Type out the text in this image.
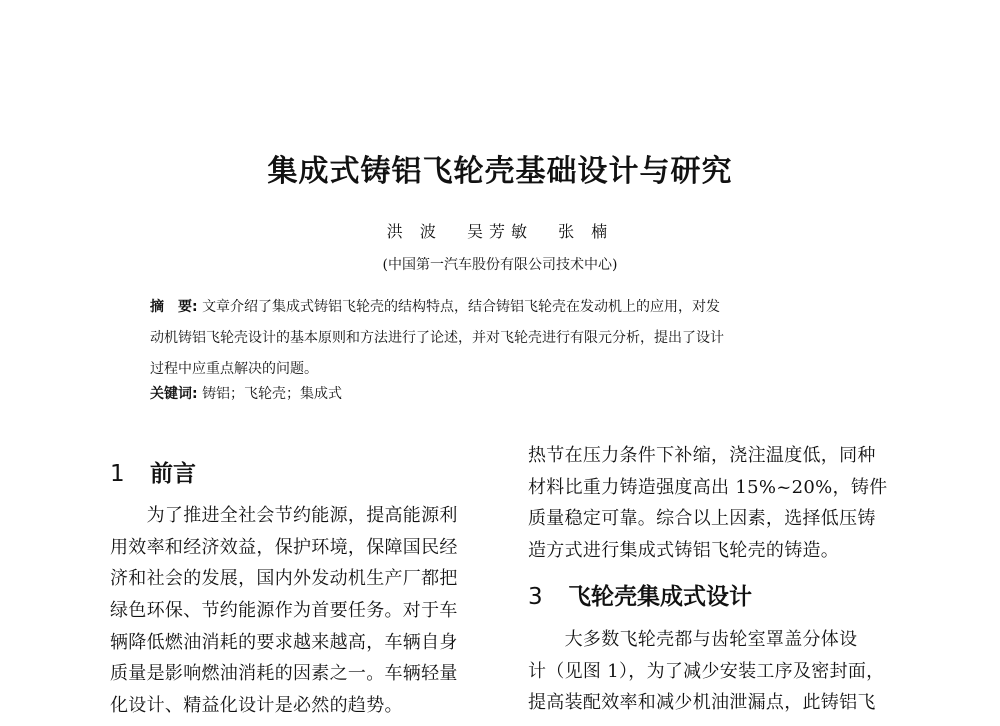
集成式铸铝飞轮壳基础设计与研究
洪 波 吴芳敏 张 楠
(中国第一汽车股份有限公司技术中心)
摘　要: 文章介绍了集成式铸铝飞轮壳的结构特点，结合铸铝飞轮壳在发动机上的应用，对发
动机铸铝飞轮壳设计的基本原则和方法进行了论述，并对飞轮壳进行有限元分析，提出了设计
过程中应重点解决的问题。
关键词: 铸铝；飞轮壳；集成式
1 前言
　　为了推进全社会节约能源，提高能源利
用效率和经济效益，保护环境，保障国民经
济和社会的发展，国内外发动机生产厂都把
绿色环保、节约能源作为首要任务。对于车
辆降低燃油消耗的要求越来越高，车辆自身
质量是影响燃油消耗的因素之一。车辆轻量
化设计、精益化设计是必然的趋势。
热节在压力条件下补缩，浇注温度低，同种
材料比重力铸造强度高出 15%~20%，铸件
质量稳定可靠。综合以上因素，选择低压铸
造方式进行集成式铸铝飞轮壳的铸造。
3 飞轮壳集成式设计
　　大多数飞轮壳都与齿轮室罩盖分体设
计（见图 1），为了减少安装工序及密封面，
提高装配效率和减少机油泄漏点，此铸铝飞
